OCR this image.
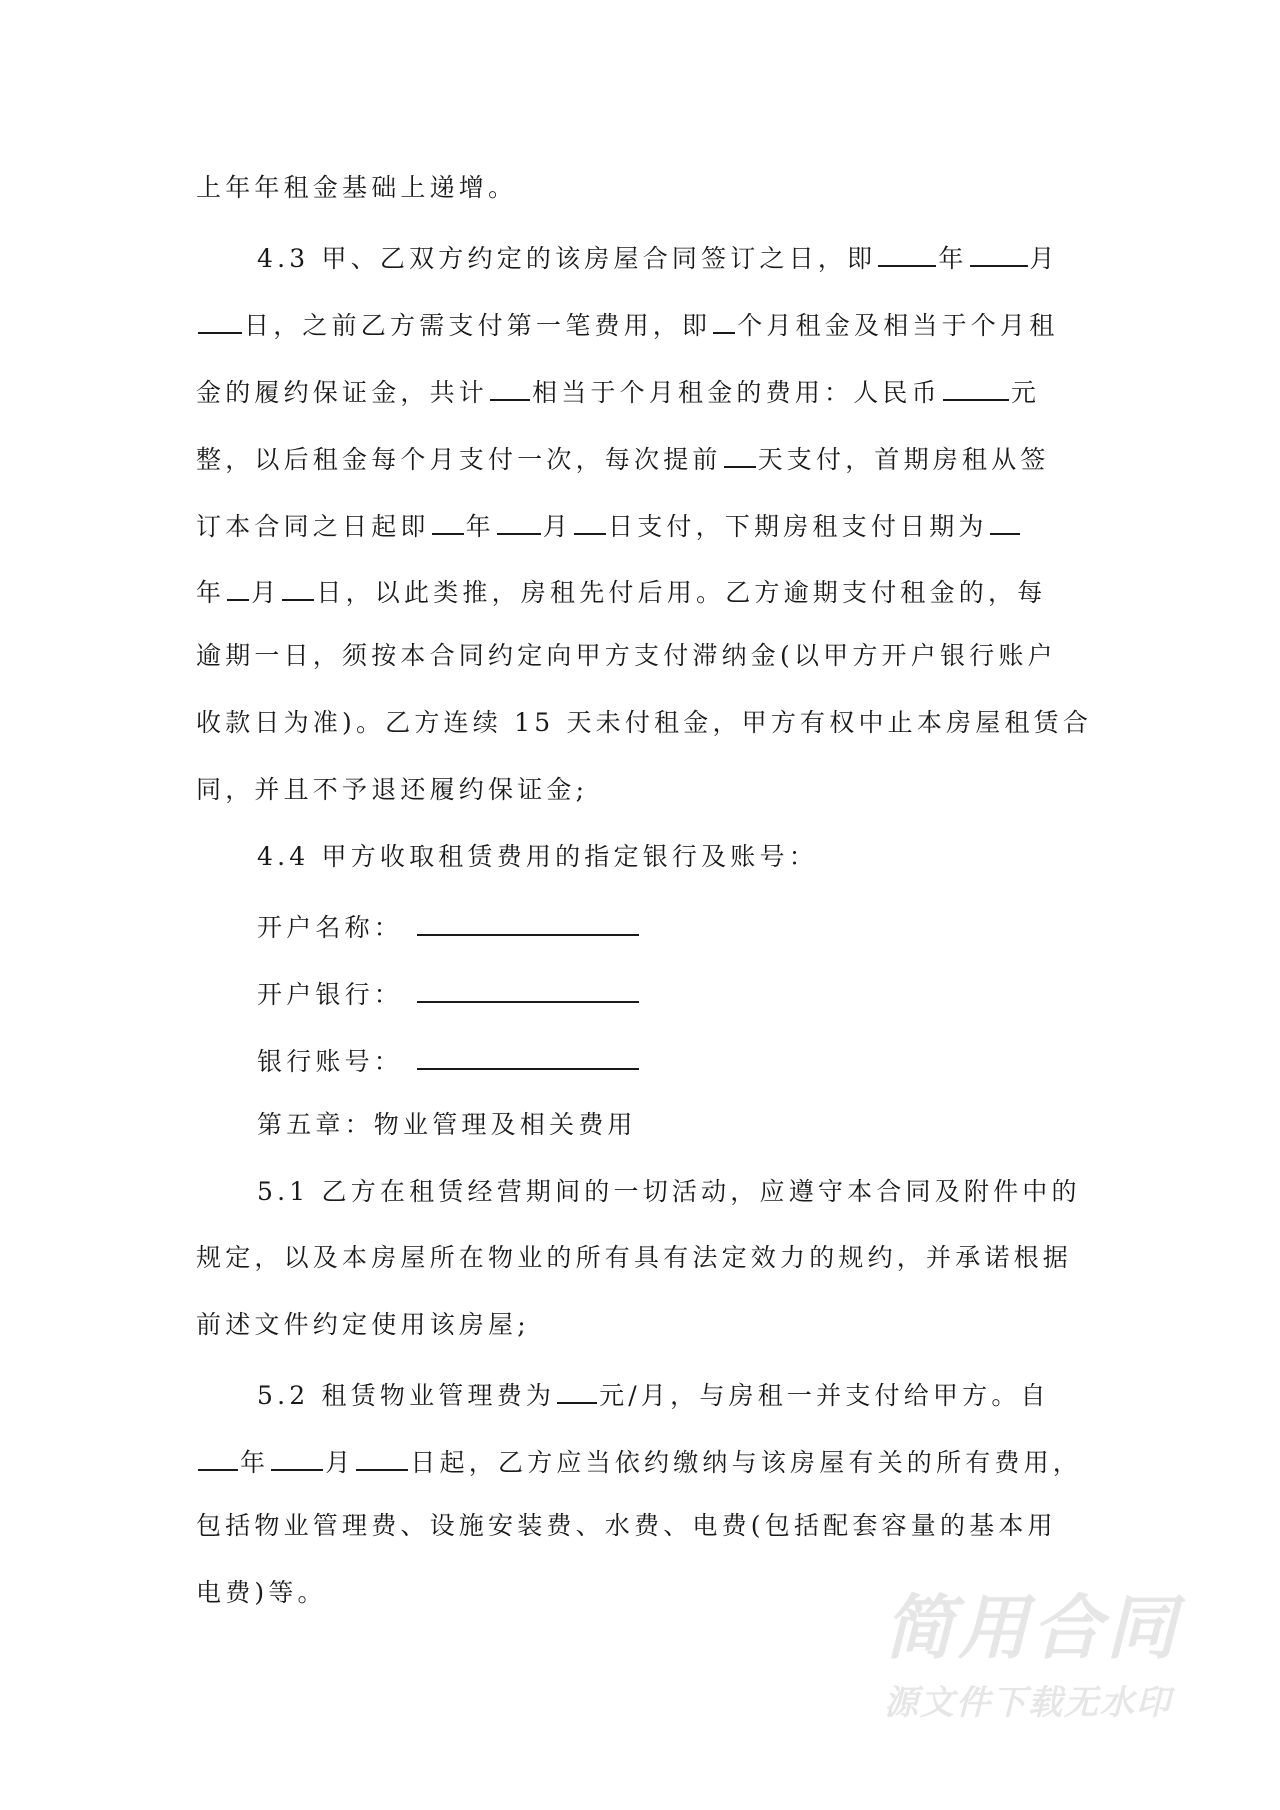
上年年租金基础上递增。
4.3 甲、乙双方约定的该房屋合同签订之日，即 年 月
日，之前乙方需支付第一笔费用，即 个月租金及相当于个月租
金的履约保证金，共计 相当于个月租金的费用：人民币	元
整，以后租金每个月支付一次，每次提前 天支付，首期房租从签
订本合同之日起即 年 月 日支付，下期房租支付日期为
年 月 日，以此类推，房租先付后用。乙方逾期支付租金的，每
逾期一日，须按本合同约定向甲方支付滞纳金(以甲方开户银行账户
收款日为准)。乙方连续 15 天未付租金，甲方有权中止本房屋租赁合
同，并且不予退还履约保证金;
4.4 甲方收取租赁费用的指定银行及账号：
开户名称：
开户银行：
银行账号：
第五章：物业管理及相关费用
5.1 乙方在租赁经营期间的一切活动，应遵守本合同及附件中的
规定，以及本房屋所在物业的所有具有法定效力的规约，并承诺根据
前述文件约定使用该房屋;
5.2 租赁物业管理费为 元/月，与房租一并支付给甲方。自
年 月 日起，乙方应当依约缴纳与该房屋有关的所有费用，
包括物业管理费、设施安装费、水费、电费(包括配套容量的基本用
电费)等。	简用合同
源文件下载无水印
